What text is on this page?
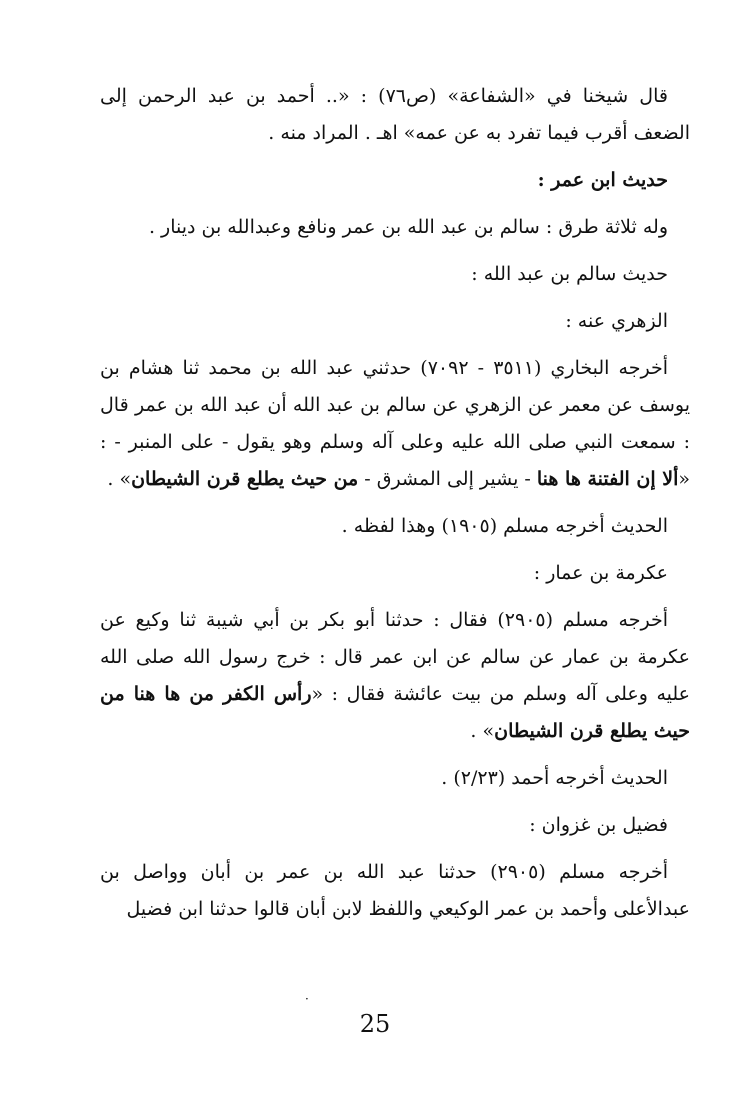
قال شيخنا في «الشفاعة» (ص٧٦) : «.. أحمد بن عبد الرحمن إلى الضعف أقرب فيما تفرد به عن عمه» اهـ . المراد منه .

حديث ابن عمر :

وله ثلاثة طرق : سالم بن عبد الله بن عمر ونافع وعبدالله بن دينار .

حديث سالم بن عبد الله :

الزهري عنه :

أخرجه البخاري (٣٥١١ - ٧٠٩٢) حدثني عبد الله بن محمد ثنا هشام بن يوسف عن معمر عن الزهري عن سالم بن عبد الله أن عبد الله بن عمر قال : سمعت النبي صلى الله عليه وعلى آله وسلم وهو يقول - على المنبر - : «ألا إن الفتنة ها هنا - يشير إلى المشرق - من حيث يطلع قرن الشيطان» .

الحديث أخرجه مسلم (١٩٠٥) وهذا لفظه .

عكرمة بن عمار :

أخرجه مسلم (٢٩٠٥) فقال : حدثنا أبو بكر بن أبي شيبة ثنا وكيع عن عكرمة بن عمار عن سالم عن ابن عمر قال : خرج رسول الله صلى الله عليه وعلى آله وسلم من بيت عائشة فقال : «رأس الكفر من ها هنا من حيث يطلع قرن الشيطان» .

الحديث أخرجه أحمد (٢/٢٣) .

فضيل بن غزوان :

أخرجه مسلم (٢٩٠٥) حدثنا عبد الله بن عمر بن أبان وواصل بن عبدالأعلى وأحمد بن عمر الوكيعي واللفظ لابن أبان قالوا حدثنا ابن فضيل

·
25
